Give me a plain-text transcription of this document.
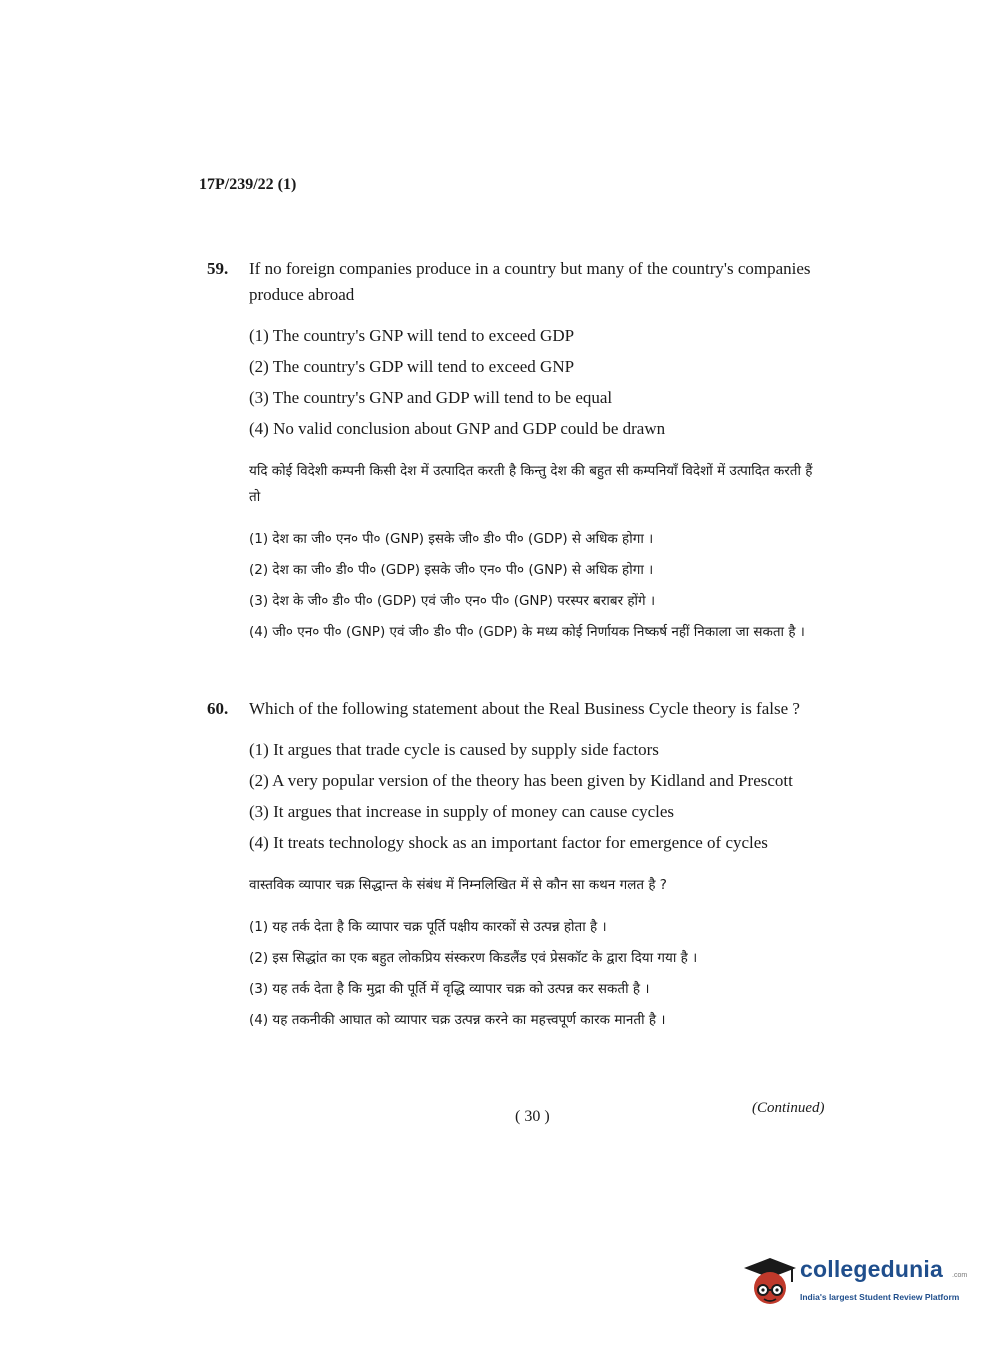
17P/239/22 (1)
59.	If no foreign companies produce in a country but many of the country's companies produce abroad
(1) The country's GNP will tend to exceed GDP
(2) The country's GDP will tend to exceed GNP
(3) The country's GNP and GDP will tend to be equal
(4) No valid conclusion about GNP and GDP could be drawn
यदि कोई विदेशी कम्पनी किसी देश में उत्पादित करती है किन्तु देश की बहुत सी कम्पनियाँ विदेशों में उत्पादित करती हैं तो
(1) देश का जी० एन० पी० (GNP) इसके जी० डी० पी० (GDP) से अधिक होगा ।
(2) देश का जी० डी० पी० (GDP) इसके जी० एन० पी० (GNP) से अधिक होगा ।
(3) देश के जी० डी० पी० (GDP) एवं जी० एन० पी० (GNP) परस्पर बराबर होंगे ।
(4) जी० एन० पी० (GNP) एवं जी० डी० पी० (GDP) के मध्य कोई निर्णायक निष्कर्ष नहीं निकाला जा सकता है ।
60.	Which of the following statement about the Real Business Cycle theory is false ?
(1) It argues that trade cycle is caused by supply side factors
(2) A very popular version of the theory has been given by Kidland and Prescott
(3) It argues that increase in supply of money can cause cycles
(4) It treats technology shock as an important factor for emergence of cycles
वास्तविक व्यापार चक्र सिद्धान्त के संबंध में निम्नलिखित में से कौन सा कथन गलत है ?
(1) यह तर्क देता है कि व्यापार चक्र पूर्ति पक्षीय कारकों से उत्पन्न होता है ।
(2) इस सिद्धांत का एक बहुत लोकप्रिय संस्करण किडलैंड एवं प्रेसकॉट के द्वारा दिया गया है ।
(3) यह तर्क देता है कि मुद्रा की पूर्ति में वृद्धि व्यापार चक्र को उत्पन्न कर सकती है ।
(4) यह तकनीकी आघात को व्यापार चक्र उत्पन्न करने का महत्त्वपूर्ण कारक मानती है ।
( 30 )	(Continued)
collegedunia .com
India's largest Student Review Platform
